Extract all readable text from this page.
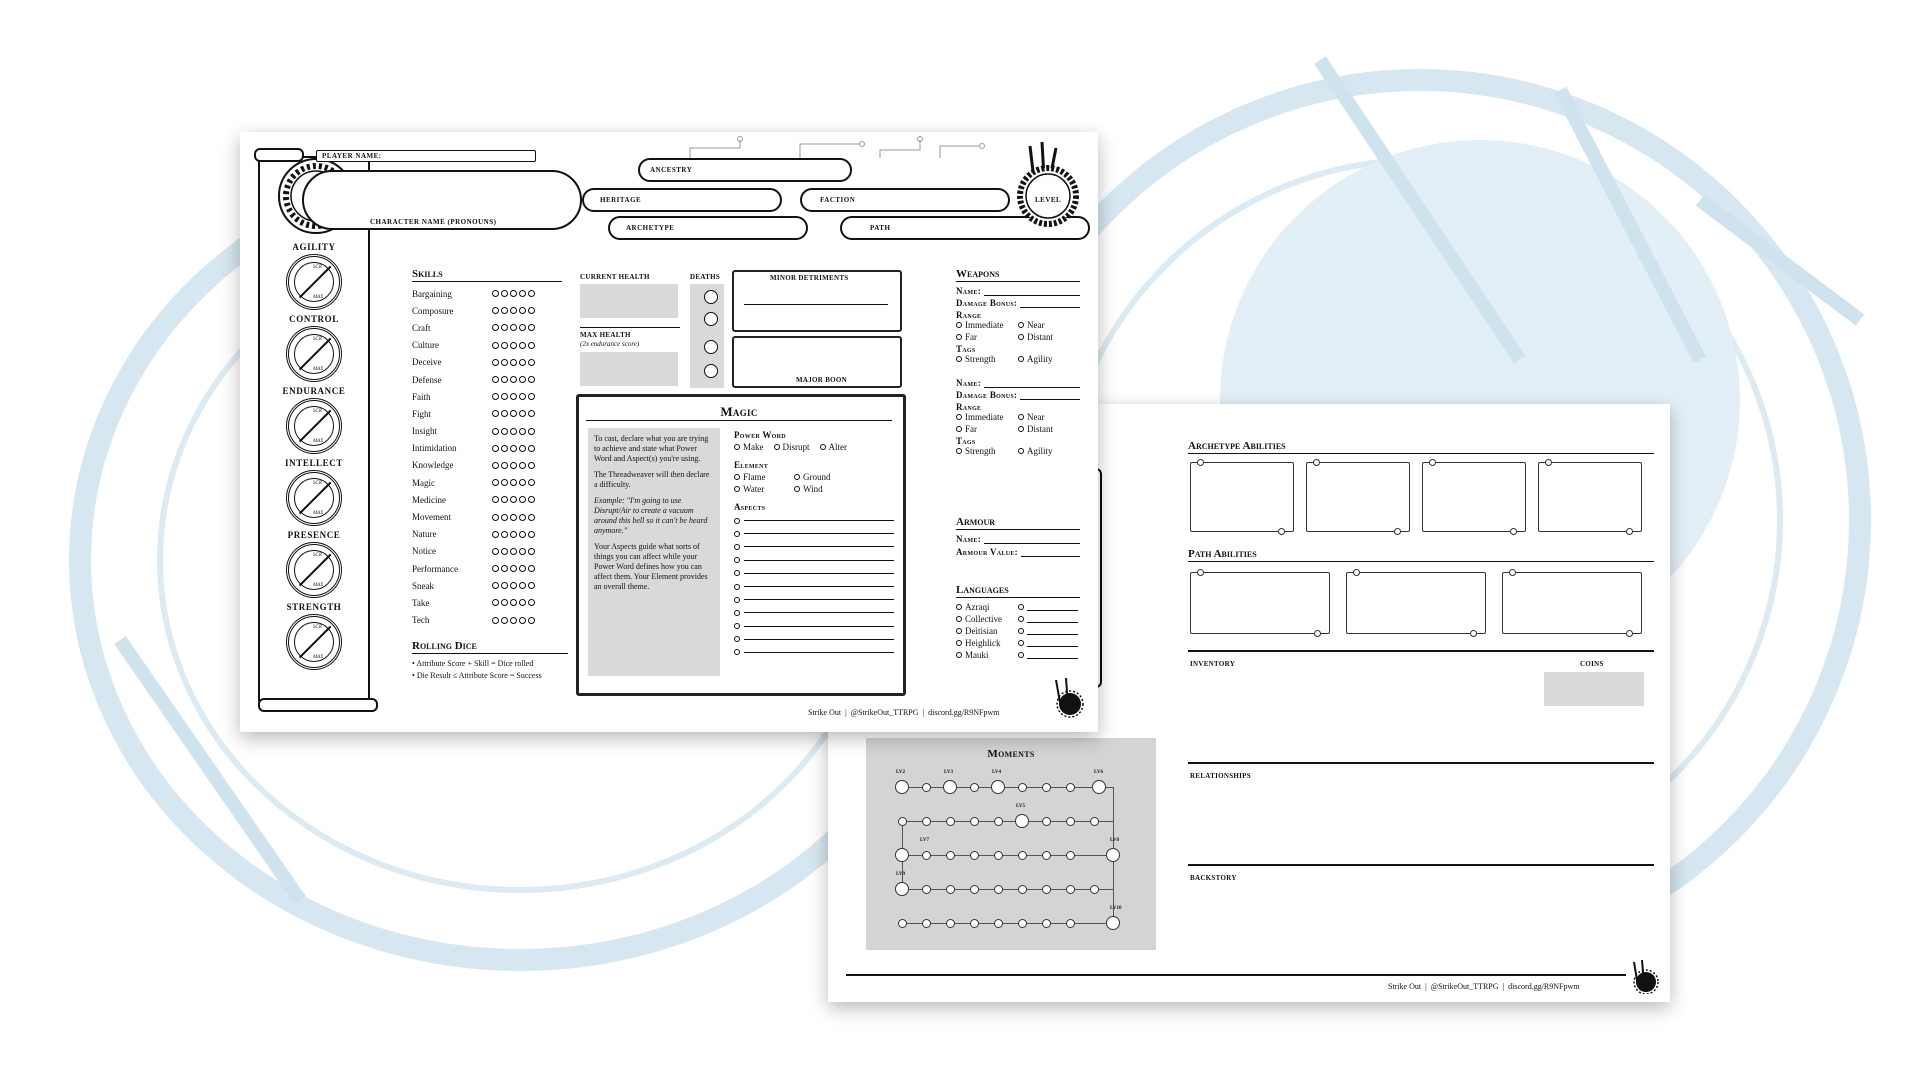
Archetype Abilities
Path Abilities
INVENTORY	COINS
RELATIONSHIPS
BACKSTORY
Moments
LV2	LV3	LV4
LV5
LV6
LV7	LV8
LV9
LV10
Strike Out  |  @StrikeOut_TTRPG  |  discord.gg/R9NFpwm
PLAYER NAME:
CHARACTER NAME (PRONOUNS)
ANCESTRY
HERITAGE	FACTION
ARCHETYPE	PATH
LEVEL
AGILITY
SCR
MAX
CONTROL
SCR
MAX
ENDURANCE
SCR
MAX
INTELLECT
SCR
MAX
PRESENCE
SCR
MAX
STRENGTH
SCR
MAX
Skills
Bargaining
Composure
Craft
Culture
Deceive
Defense
Faith
Fight
Insight
Intimidation
Knowledge
Magic
Medicine
Movement
Nature
Notice
Performance
Sneak
Take
Tech
Rolling Dice
• Attribute Score + Skill = Dice rolled
• Die Result ≤ Attribute Score = Success
CURRENT HEALTH
MAX HEALTH
(2x endurance score)
DEATHS	MINOR DETRIMENTS
MAJOR BOON
Magic

To cast, declare what you are trying to achieve and state what Power Word and Aspect(s) you're using.

The Threadweaver will then declare a difficulty.

Example: "I'm going to use Disrupt/Air to create a vacuum around this bell so it can't be heard anymore."

Your Aspects guide what sorts of things you can affect while your Power Word defines how you can affect them. Your Element provides an overall theme.

Power Word
Make Disrupt Alter
Element
Flame	Ground
Water	Wind
Aspects
Weapons
Name:
Damage Bonus:
Range
Immediate	Near
Far	Distant
Tags
Strength	Agility
Name:
Damage Bonus:
Range
Immediate	Near
Far	Distant
Tags
Strength	Agility
Armour
Name:
Armour Value:
Languages
Azraqi
Collective
Deitisian
Heighlick
Mauki
Strike Out  |  @StrikeOut_TTRPG  |  discord.gg/R9NFpwm
